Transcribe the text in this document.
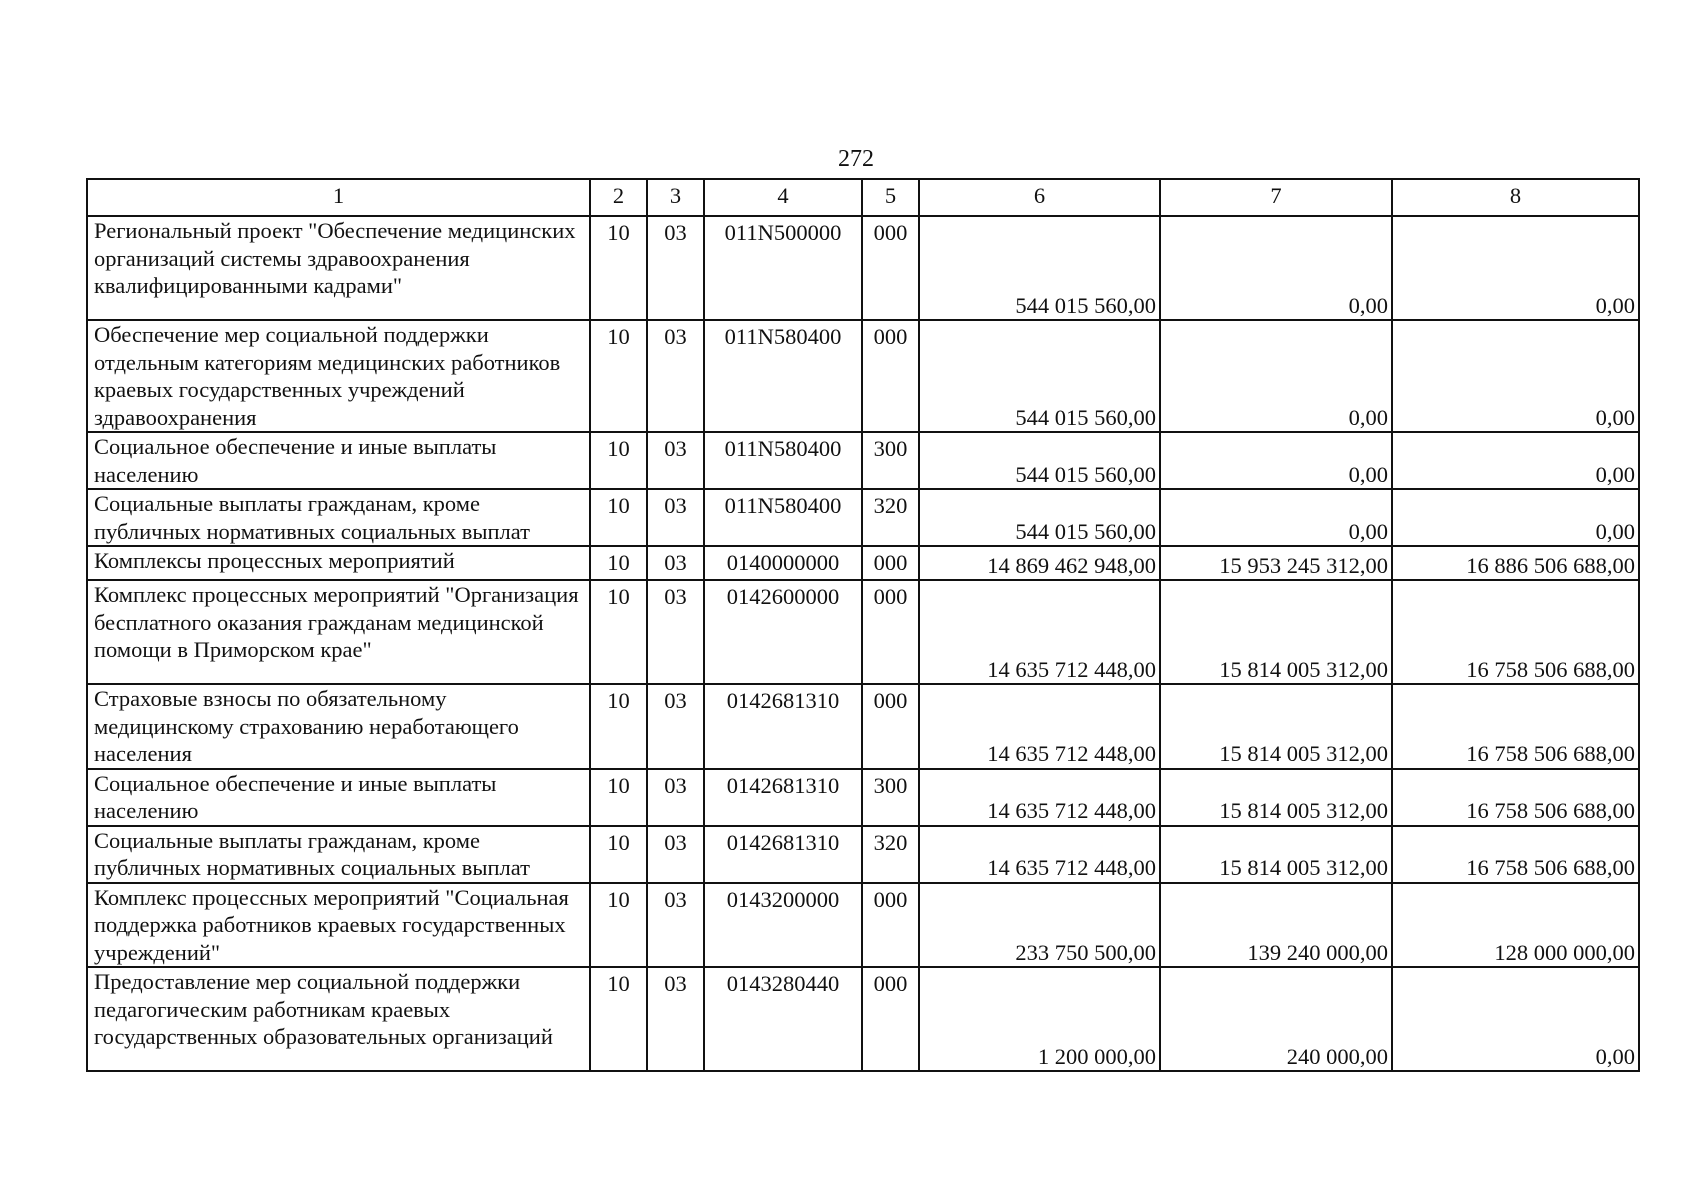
272
1	2	3	4	5	6	7	8
Региональный проект "Обеспечение медицинских организаций системы здравоохранения квалифицированными кадрами"	10	03	011N500000	000	544 015 560,00	0,00	0,00
Обеспечение мер социальной поддержки отдельным категориям медицинских работников краевых государственных учреждений здравоохранения	10	03	011N580400	000	544 015 560,00	0,00	0,00
Социальное обеспечение и иные выплаты населению	10	03	011N580400	300	544 015 560,00	0,00	0,00
Социальные выплаты гражданам, кроме публичных нормативных социальных выплат	10	03	011N580400	320	544 015 560,00	0,00	0,00
Комплексы процессных мероприятий	10	03	0140000000	000	14 869 462 948,00	15 953 245 312,00	16 886 506 688,00
Комплекс процессных мероприятий "Организация бесплатного оказания гражданам медицинской помощи в Приморском крае"	10	03	0142600000	000	14 635 712 448,00	15 814 005 312,00	16 758 506 688,00
Страховые взносы по обязательному медицинскому страхованию неработающего населения	10	03	0142681310	000	14 635 712 448,00	15 814 005 312,00	16 758 506 688,00
Социальное обеспечение и иные выплаты населению	10	03	0142681310	300	14 635 712 448,00	15 814 005 312,00	16 758 506 688,00
Социальные выплаты гражданам, кроме публичных нормативных социальных выплат	10	03	0142681310	320	14 635 712 448,00	15 814 005 312,00	16 758 506 688,00
Комплекс процессных мероприятий "Социальная поддержка работников краевых государственных учреждений"	10	03	0143200000	000	233 750 500,00	139 240 000,00	128 000 000,00
Предоставление мер социальной поддержки педагогическим работникам краевых государственных образовательных организаций	10	03	0143280440	000	1 200 000,00	240 000,00	0,00
